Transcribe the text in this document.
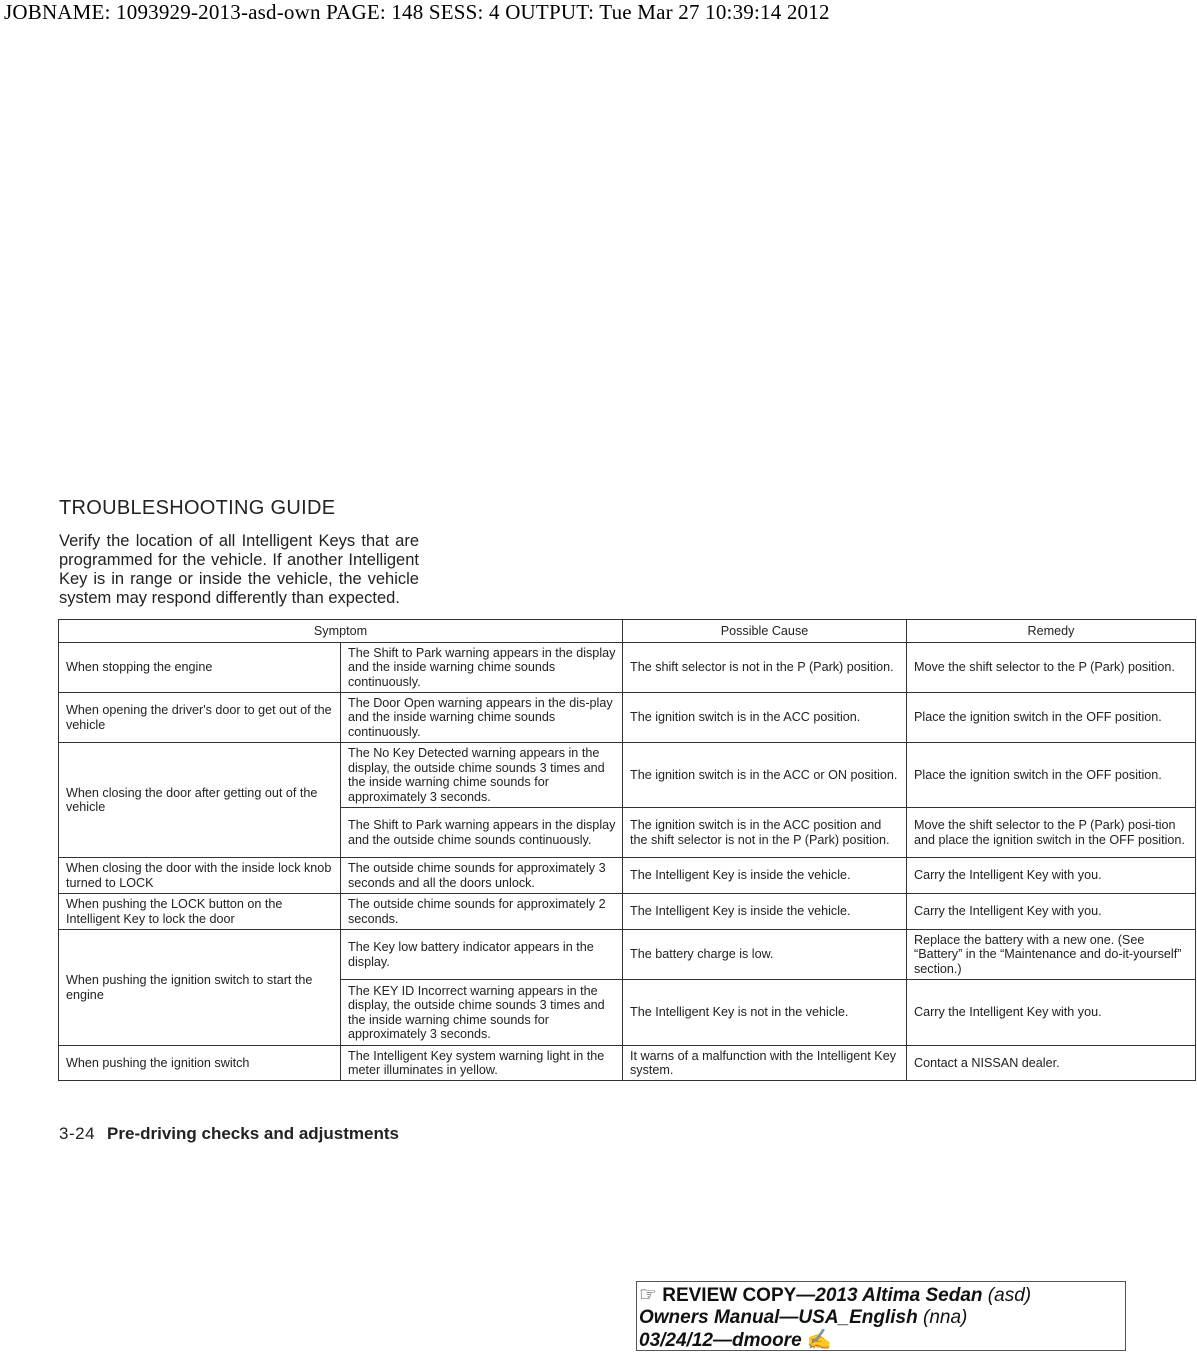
JOBNAME: 1093929-2013-asd-own PAGE: 148 SESS: 4 OUTPUT: Tue Mar 27 10:39:14 2012
TROUBLESHOOTING GUIDE
Verify the location of all Intelligent Keys that are programmed for the vehicle. If another Intelligent Key is in range or inside the vehicle, the vehicle system may respond differently than expected.
Symptom		Possible Cause	Remedy
When stopping the engine	The Shift to Park warning appears in the display and the inside warning chime sounds continuously.	The shift selector is not in the P (Park) position.	Move the shift selector to the P (Park) position.
When opening the driver's door to get out of the vehicle	The Door Open warning appears in the dis-play and the inside warning chime sounds continuously.	The ignition switch is in the ACC position.	Place the ignition switch in the OFF position.
When closing the door after getting out of the vehicle	The No Key Detected warning appears in the display, the outside chime sounds 3 times and the inside warning chime sounds for approximately 3 seconds.	The ignition switch is in the ACC or ON position.	Place the ignition switch in the OFF position.
	The Shift to Park warning appears in the display and the outside chime sounds continuously.	The ignition switch is in the ACC position and the shift selector is not in the P (Park) position.	Move the shift selector to the P (Park) posi-tion and place the ignition switch in the OFF position.
When closing the door with the inside lock knob turned to LOCK	The outside chime sounds for approximately 3 seconds and all the doors unlock.	The Intelligent Key is inside the vehicle.	Carry the Intelligent Key with you.
When pushing the LOCK button on the Intelligent Key to lock the door	The outside chime sounds for approximately 2 seconds.	The Intelligent Key is inside the vehicle.	Carry the Intelligent Key with you.
When pushing the ignition switch to start the engine	The Key low battery indicator appears in the display.	The battery charge is low.	Replace the battery with a new one. (See “Battery” in the “Maintenance and do-it-yourself” section.)
	The KEY ID Incorrect warning appears in the display, the outside chime sounds 3 times and the inside warning chime sounds for approximately 3 seconds.	The Intelligent Key is not in the vehicle.	Carry the Intelligent Key with you.
When pushing the ignition switch	The Intelligent Key system warning light in the meter illuminates in yellow.	It warns of a malfunction with the Intelligent Key system.	Contact a NISSAN dealer.
3-24 Pre-driving checks and adjustments
☞ REVIEW COPY—2013 Altima Sedan (asd)
Owners Manual—USA_English (nna)
03/24/12—dmoore ✍
